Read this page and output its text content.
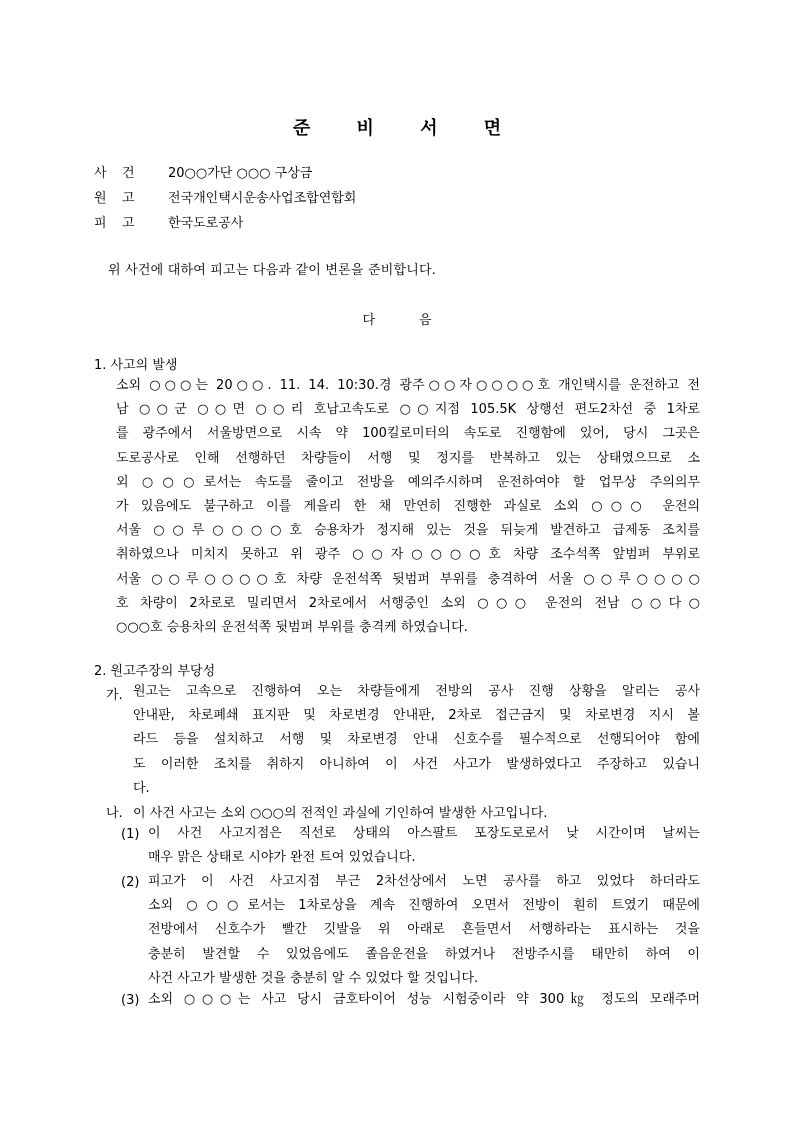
준 비 서 면
사 건	20○○가단 ○○○ 구상금
원 고	전국개인택시운송사업조합연합회
피 고	한국도로공사
위 사건에 대하여 피고는 다음과 같이 변론을 준비합니다.
다	음
1. 사고의 발생
소외 ○○○는 20○○. 11. 14. 10:30.경 광주○○자○○○○호 개인택시를 운전하고 전
남 ○○군 ○○면 ○○리 호남고속도로 ○○지점 105.5K 상행선 편도2차선 중 1차로
를 광주에서 서울방면으로 시속 약 100킬로미터의 속도로 진행함에 있어, 당시 그곳은
도로공사로 인해 선행하던 차량들이 서행 및 정지를 반복하고 있는 상태였으므로 소
외 ○○○로서는 속도를 줄이고 전방을 예의주시하며 운전하여야 할 업무상 주의의무
가 있음에도 불구하고 이를 게을리 한 채 만연히 진행한 과실로 소외 ○○○ 운전의
서울 ○○루○○○○호 승용차가 정지해 있는 것을 뒤늦게 발견하고 급제동 조치를
취하였으나 미치지 못하고 위 광주 ○○자○○○○호 차량 조수석쪽 앞범퍼 부위로
서울 ○○루○○○○호 차량 운전석쪽 뒷범퍼 부위를 충격하여 서울 ○○루○○○○
호 차량이 2차로로 밀리면서 2차로에서 서행중인 소외 ○○○ 운전의 전남 ○○다○
○○○호 승용차의 운전석쪽 뒷범퍼 부위를 충격케 하였습니다.
2. 원고주장의 부당성
가. 원고는 고속으로 진행하여 오는 차량들에게 전방의 공사 진행 상황을 알리는 공사
안내판, 차로폐쇄 표지판 및 차로변경 안내판, 2차로 접근금지 및 차로변경 지시 볼
라드 등을 설치하고 서행 및 차로변경 안내 신호수를 필수적으로 선행되어야 함에
도 이러한 조치를 취하지 아니하여 이 사건 사고가 발생하였다고 주장하고 있습니
다.
나. 이 사건 사고는 소외 ○○○의 전적인 과실에 기인하여 발생한 사고입니다.
(1) 이 사건 사고지점은 직선로 상태의 아스팔트 포장도로로서 낮 시간이며 날씨는
매우 맑은 상태로 시야가 완전 트여 있었습니다.
(2) 피고가 이 사건 사고지점 부근 2차선상에서 노면 공사를 하고 있었다 하더라도
소외 ○○○로서는 1차로상을 계속 진행하여 오면서 전방이 훤히 트였기 때문에
전방에서 신호수가 빨간 깃발을 위 아래로 흔들면서 서행하라는 표시하는 것을
충분히 발견할 수 있었음에도 졸음운전을 하였거나 전방주시를 태만히 하여 이
사건 사고가 발생한 것을 충분히 알 수 있었다 할 것입니다.
(3) 소외 ○○○는 사고 당시 금호타이어 성능 시험중이라 약 300㎏ 정도의 모래주머
